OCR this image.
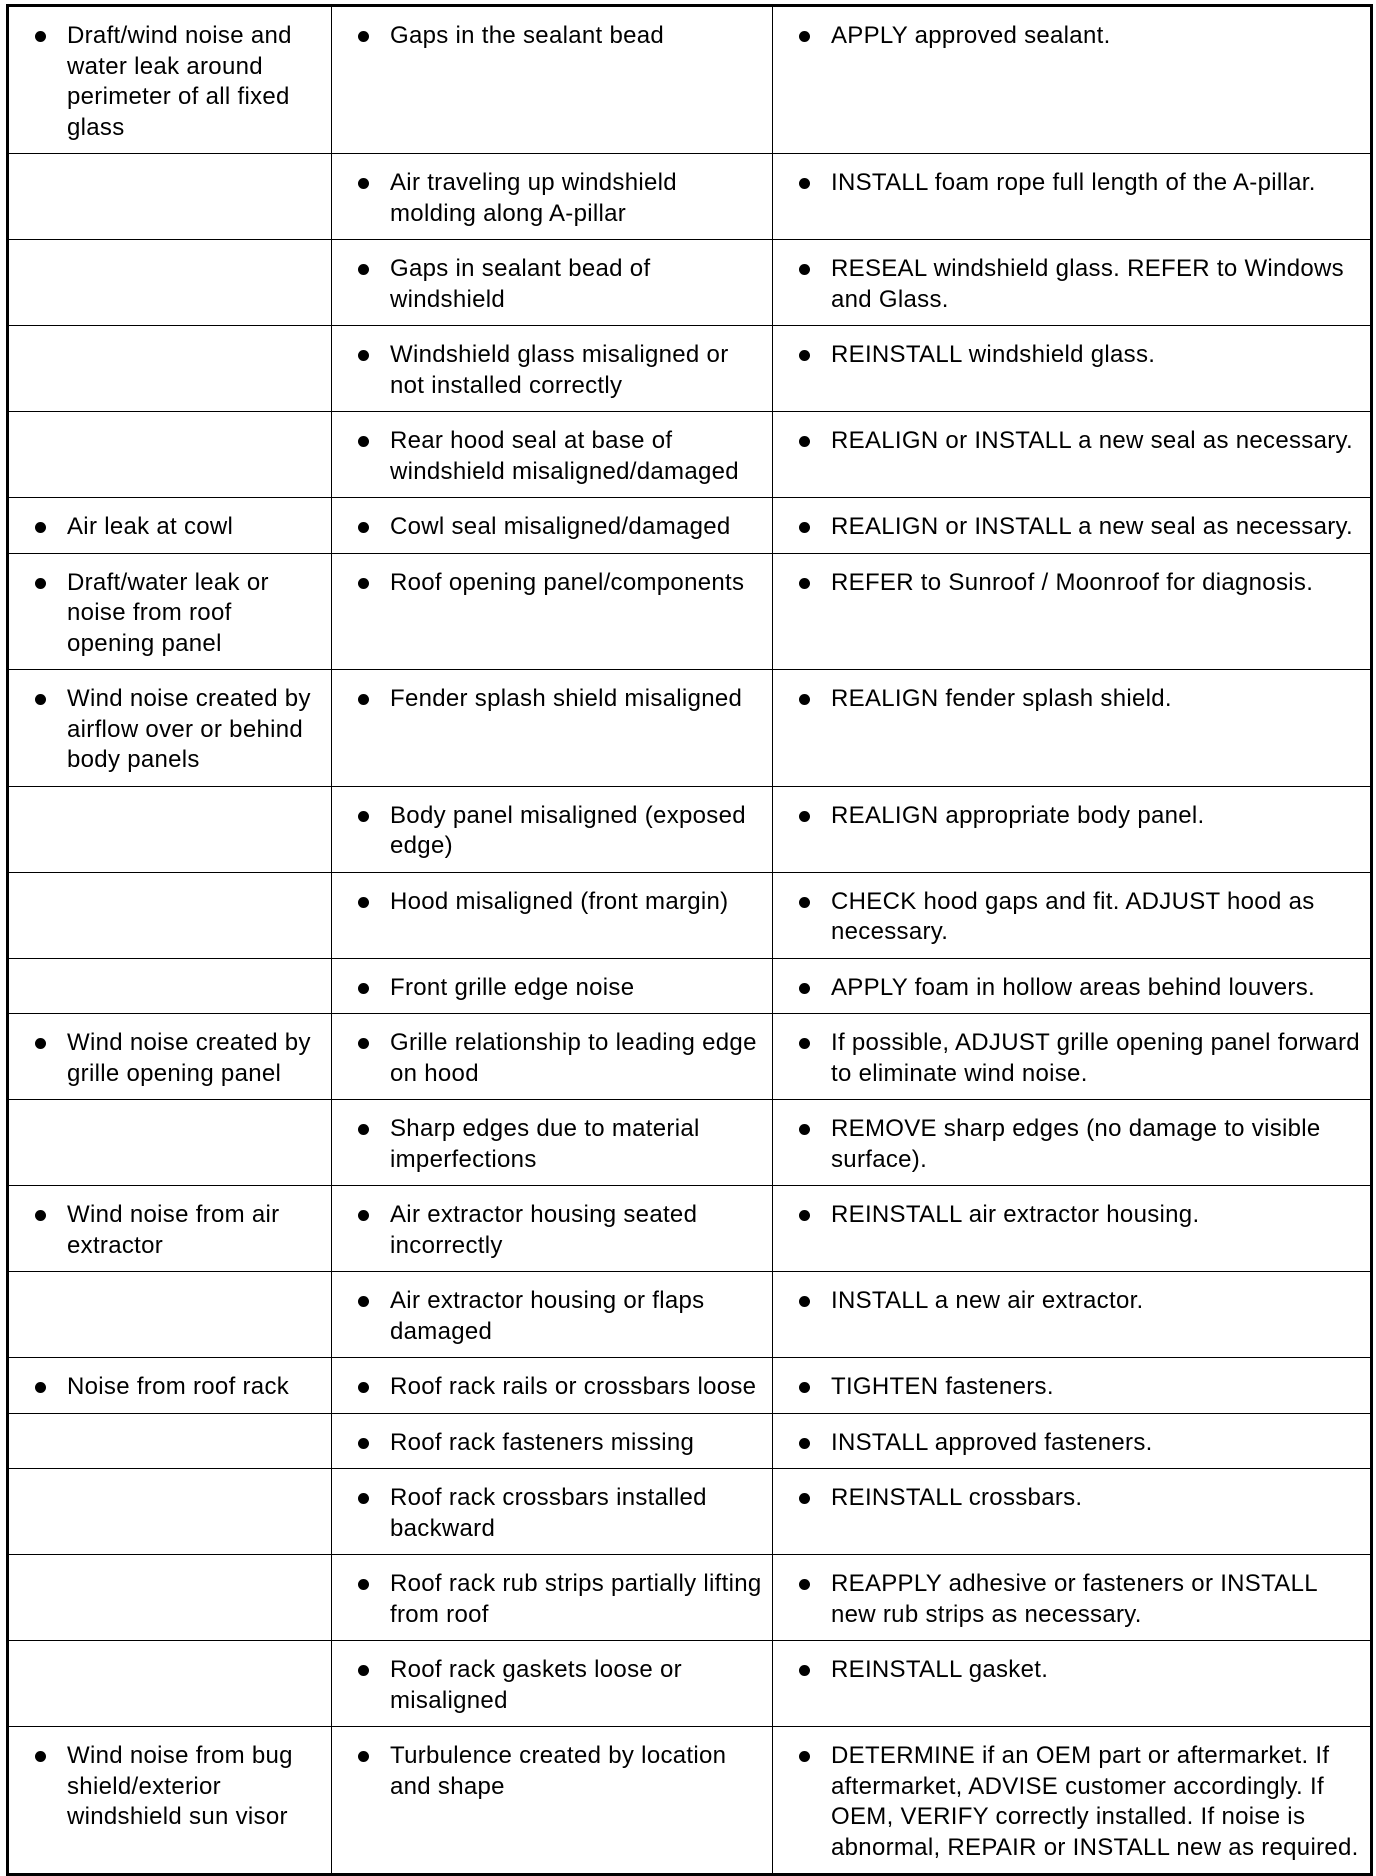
Draft/wind noise and water leak around perimeter of all fixed glass	Gaps in the sealant bead	APPLY approved sealant.

	Air traveling up windshield molding along A-pillar	INSTALL foam rope full length of the A-pillar.

	Gaps in sealant bead of windshield	RESEAL windshield glass. REFER to Windows and Glass.

	Windshield glass misaligned or not installed correctly	REINSTALL windshield glass.

	Rear hood seal at base of windshield misaligned/damaged	REALIGN or INSTALL a new seal as necessary.

Air leak at cowl	Cowl seal misaligned/damaged	REALIGN or INSTALL a new seal as necessary.

Draft/water leak or noise from roof opening panel	Roof opening panel/components	REFER to Sunroof / Moonroof for diagnosis.

Wind noise created by airflow over or behind body panels	Fender splash shield misaligned	REALIGN fender splash shield.

	Body panel misaligned (exposed edge)	REALIGN appropriate body panel.

	Hood misaligned (front margin)	CHECK hood gaps and fit. ADJUST hood as necessary.

	Front grille edge noise	APPLY foam in hollow areas behind louvers.

Wind noise created by grille opening panel	Grille relationship to leading edge on hood	If possible, ADJUST grille opening panel forward to eliminate wind noise.

	Sharp edges due to material imperfections	REMOVE sharp edges (no damage to visible surface).

Wind noise from air extractor	Air extractor housing seated incorrectly	REINSTALL air extractor housing.

	Air extractor housing or flaps damaged	INSTALL a new air extractor.

Noise from roof rack	Roof rack rails or crossbars loose	TIGHTEN fasteners.

	Roof rack fasteners missing	INSTALL approved fasteners.

	Roof rack crossbars installed backward	REINSTALL crossbars.

	Roof rack rub strips partially lifting from roof	REAPPLY adhesive or fasteners or INSTALL new rub strips as necessary.

	Roof rack gaskets loose or misaligned	REINSTALL gasket.

Wind noise from bug shield/exterior windshield sun visor	Turbulence created by location and shape	DETERMINE if an OEM part or aftermarket. If aftermarket, ADVISE customer accordingly. If OEM, VERIFY correctly installed. If noise is abnormal, REPAIR or INSTALL new as required.
